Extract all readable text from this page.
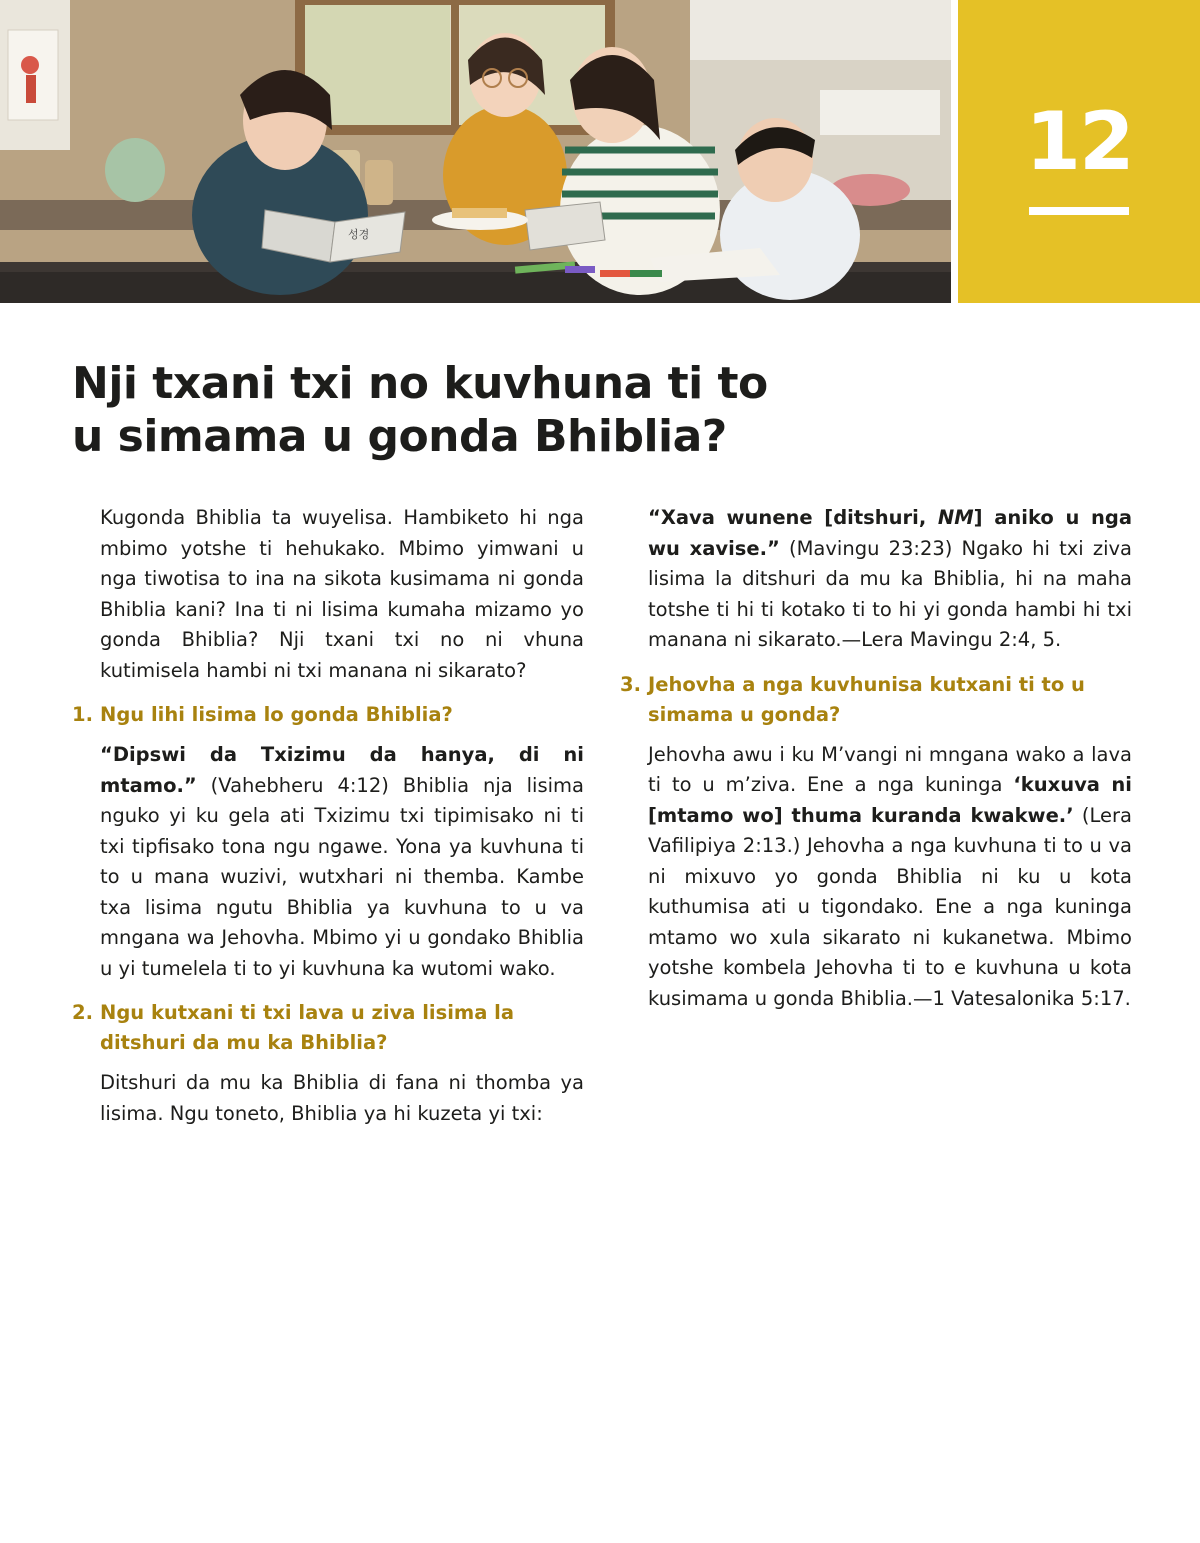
성경
12
Nji txani txi no kuvhuna ti to
u simama u gonda Bhiblia?

Kugonda Bhiblia ta wuyelisa. Hambiketo hi nga mbimo yotshe ti hehukako. Mbimo yimwani u nga tiwotisa to ina na sikota kusimama ni gonda Bhiblia kani? Ina ti ni lisima kumaha mizamo yo gonda Bhiblia? Nji txani txi no ni vhuna kutimisela hambi ni txi manana ni sikarato?

1. Ngu lihi lisima lo gonda Bhiblia?

“Dipswi da Txizimu da hanya, di ni mtamo.” (Vahebheru 4:12) Bhiblia nja lisima nguko yi ku gela ati Txizimu txi tipimisako ni ti txi tipfisako tona ngu ngawe. Yona ya kuvhuna ti to u mana wuzivi, wutxhari ni themba. Kambe txa lisima ngutu Bhiblia ya kuvhuna to u va mngana wa Jehovha. Mbimo yi u gondako Bhiblia u yi tumelela ti to yi kuvhuna ka wutomi wako.

2. Ngu kutxani ti txi lava u ziva lisima la ditshuri da mu ka Bhiblia?

Ditshuri da mu ka Bhiblia di fana ni thomba ya lisima. Ngu toneto, Bhiblia ya hi kuzeta yi txi:

“Xava wunene [ditshuri, NM] aniko u nga wu xavise.” (Mavingu 23:23) Ngako hi txi ziva lisima la ditshuri da mu ka Bhiblia, hi na maha totshe ti hi ti kotako ti to hi yi gonda hambi hi txi manana ni sikarato.—Lera Mavingu 2:4, 5.

3. Jehovha a nga kuvhunisa kutxani ti to u simama u gonda?

Jehovha awu i ku M’vangi ni mngana wako a lava ti to u m’ziva. Ene a nga kuninga ‘kuxuva ni [mtamo wo] thuma kuranda kwakwe.’ (Lera Vafilipiya 2:13.) Jehovha a nga kuvhuna ti to u va ni mixuvo yo gonda Bhiblia ni ku u kota kuthumisa ati u tigondako. Ene a nga kuninga mtamo wo xula sikarato ni kukanetwa. Mbimo yotshe kombela Jehovha ti to e kuvhuna u kota kusimama u gonda Bhiblia.—1 Vatesalonika 5:17.
